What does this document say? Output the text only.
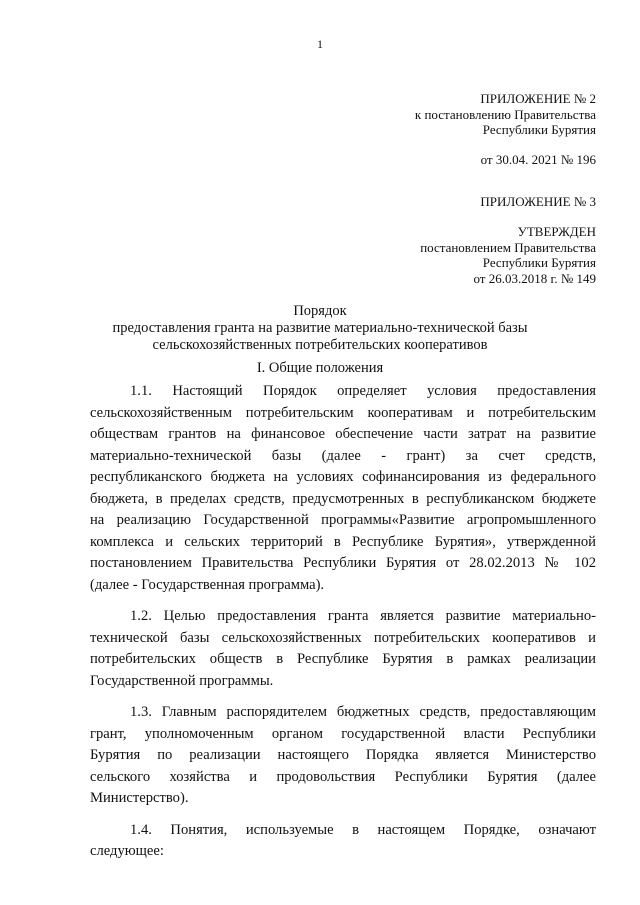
1
ПРИЛОЖЕНИЕ № 2
к постановлению Правительства
Республики Бурятия
от 30.04. 2021 № 196
ПРИЛОЖЕНИЕ № 3
УТВЕРЖДЕН
постановлением Правительства
Республики Бурятия
от 26.03.2018 г. № 149
Порядок
предоставления гранта на развитие материально-технической базы
сельскохозяйственных потребительских кооперативов
I. Общие положения
1.1. Настоящий Порядок определяет условия предоставления
сельскохозяйственным потребительским кооперативам и потребительским
обществам грантов на финансовое обеспечение части затрат на развитие
материально-технической базы (далее - грант) за счет средств,
республиканского бюджета на условиях софинансирования из федерального
бюджета, в пределах средств, предусмотренных в республиканском бюджете
на реализацию Государственной программы«Развитие агропромышленного
комплекса и сельских территорий в Республике Бурятия», утвержденной
постановлением Правительства Республики Бурятия от 28.02.2013 № 102
(далее - Государственная программа).
1.2. Целью предоставления гранта является развитие материально-
технической базы сельскохозяйственных потребительских кооперативов и
потребительских обществ в Республике Бурятия в рамках реализации
Государственной программы.
1.3. Главным распорядителем бюджетных средств, предоставляющим
грант, уполномоченным органом государственной власти Республики
Бурятия по реализации настоящего Порядка является Министерство
сельского хозяйства и продовольствия Республики Бурятия (далее
Министерство).
1.4. Понятия, используемые в настоящем Порядке, означают
следующее:
